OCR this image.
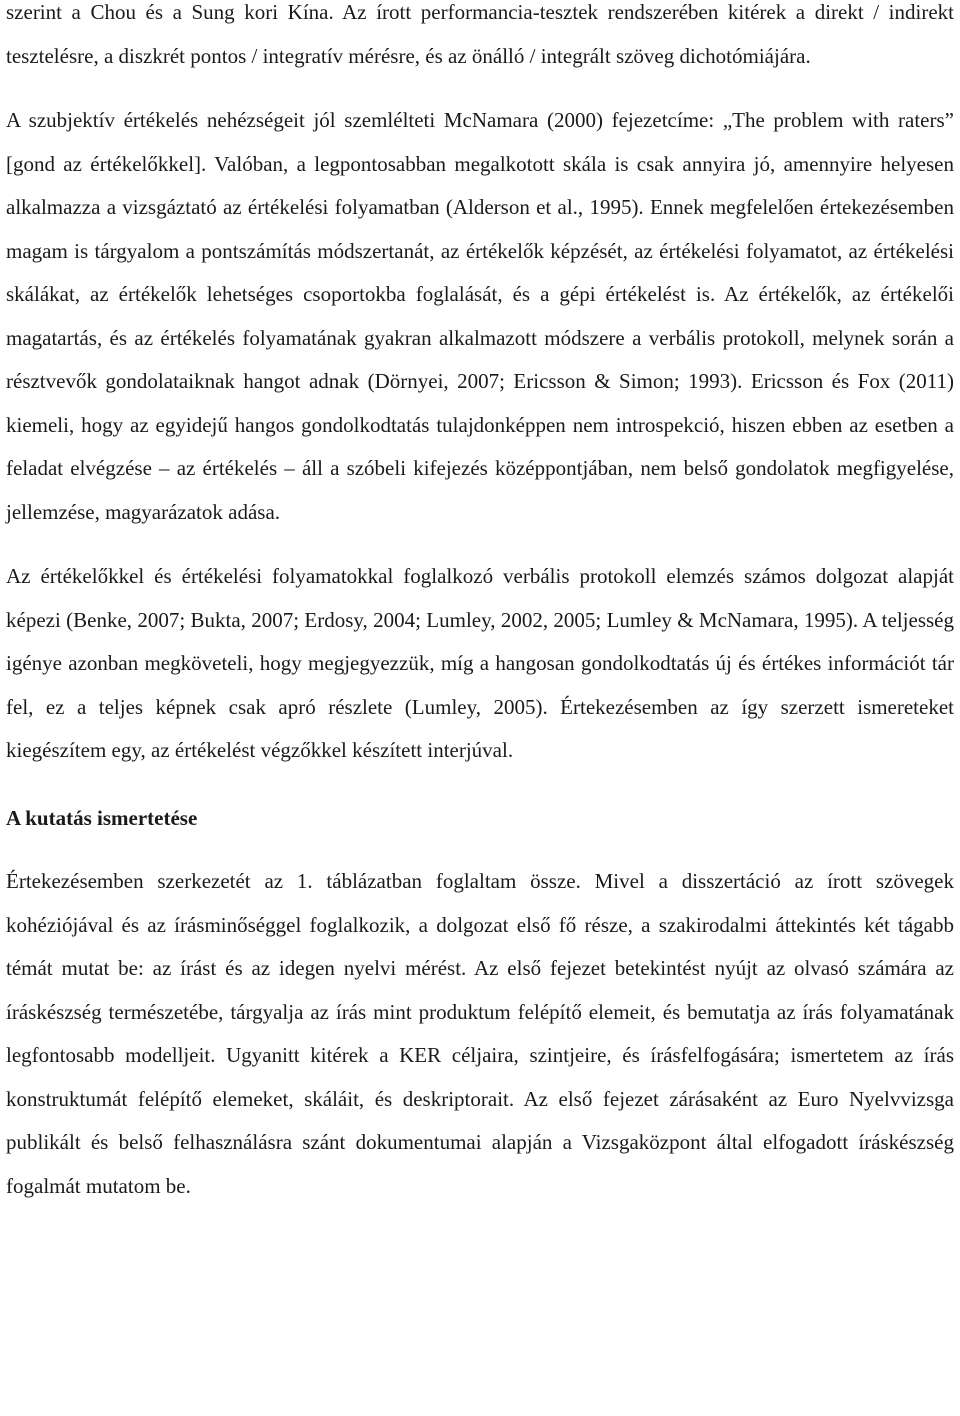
szerint a Chou és a Sung kori Kína. Az írott performancia-tesztek rendszerében kitérek a direkt / indirekt tesztelésre, a diszkrét pontos / integratív mérésre, és az önálló / integrált szöveg dichotómiájára.

A szubjektív értékelés nehézségeit jól szemlélteti McNamara (2000) fejezetcíme: „The problem with raters” [gond az értékelőkkel]. Valóban, a legpontosabban megalkotott skála is csak annyira jó, amennyire helyesen alkalmazza a vizsgáztató az értékelési folyamatban (Alderson et al., 1995). Ennek megfelelően értekezésemben magam is tárgyalom a pontszámítás módszertanát, az értékelők képzését, az értékelési folyamatot, az értékelési skálákat, az értékelők lehetséges csoportokba foglalását, és a gépi értékelést is. Az értékelők, az értékelői magatartás, és az értékelés folyamatának gyakran alkalmazott módszere a verbális protokoll, melynek során a résztvevők gondolataiknak hangot adnak (Dörnyei, 2007; Ericsson & Simon; 1993). Ericsson és Fox (2011) kiemeli, hogy az egyidejű hangos gondolkodtatás tulajdonképpen nem introspekció, hiszen ebben az esetben a feladat elvégzése – az értékelés – áll a szóbeli kifejezés középpontjában, nem belső gondolatok megfigyelése, jellemzése, magyarázatok adása.

Az értékelőkkel és értékelési folyamatokkal foglalkozó verbális protokoll elemzés számos dolgozat alapját képezi (Benke, 2007; Bukta, 2007; Erdosy, 2004; Lumley, 2002, 2005; Lumley & McNamara, 1995). A teljesség igénye azonban megköveteli, hogy megjegyezzük, míg a hangosan gondolkodtatás új és értékes információt tár fel, ez a teljes képnek csak apró részlete (Lumley, 2005). Értekezésemben az így szerzett ismereteket kiegészítem egy, az értékelést végzőkkel készített interjúval.

A kutatás ismertetése

Értekezésemben szerkezetét az 1. táblázatban foglaltam össze. Mivel a disszertáció az írott szövegek kohéziójával és az írásminőséggel foglalkozik, a dolgozat első fő része, a szakirodalmi áttekintés két tágabb témát mutat be: az írást és az idegen nyelvi mérést. Az első fejezet betekintést nyújt az olvasó számára az íráskészség természetébe, tárgyalja az írás mint produktum felépítő elemeit, és bemutatja az írás folyamatának legfontosabb modelljeit. Ugyanitt kitérek a KER céljaira, szintjeire, és írásfelfogására; ismertetem az írás konstruktumát felépítő elemeket, skáláit, és deskriptorait. Az első fejezet zárásaként az Euro Nyelvvizsga publikált és belső felhasználásra szánt dokumentumai alapján a Vizsgaközpont által elfogadott íráskészség fogalmát mutatom be.
